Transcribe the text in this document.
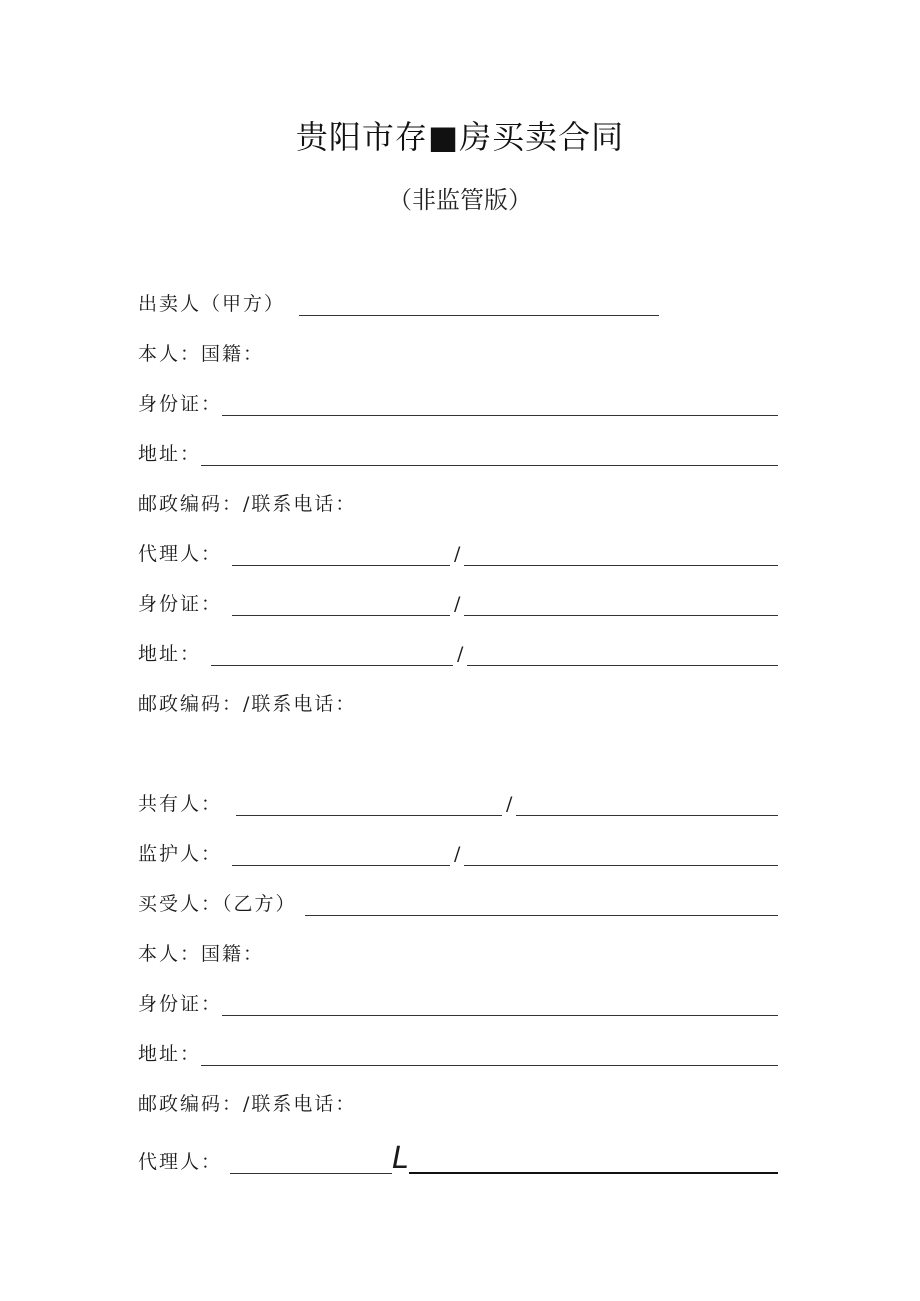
贵阳市存■房买卖合同
（非监管版）
出卖人（甲方）
本人：国籍：
身份证：
地址：
邮政编码：/联系电话：
代理人：	/
身份证：	/
地址：	/
邮政编码：/联系电话：
共有人：	/
监护人：	/
买受人：（乙方）
本人：国籍：
身份证：
地址：
邮政编码：/联系电话：
代理人：	L
